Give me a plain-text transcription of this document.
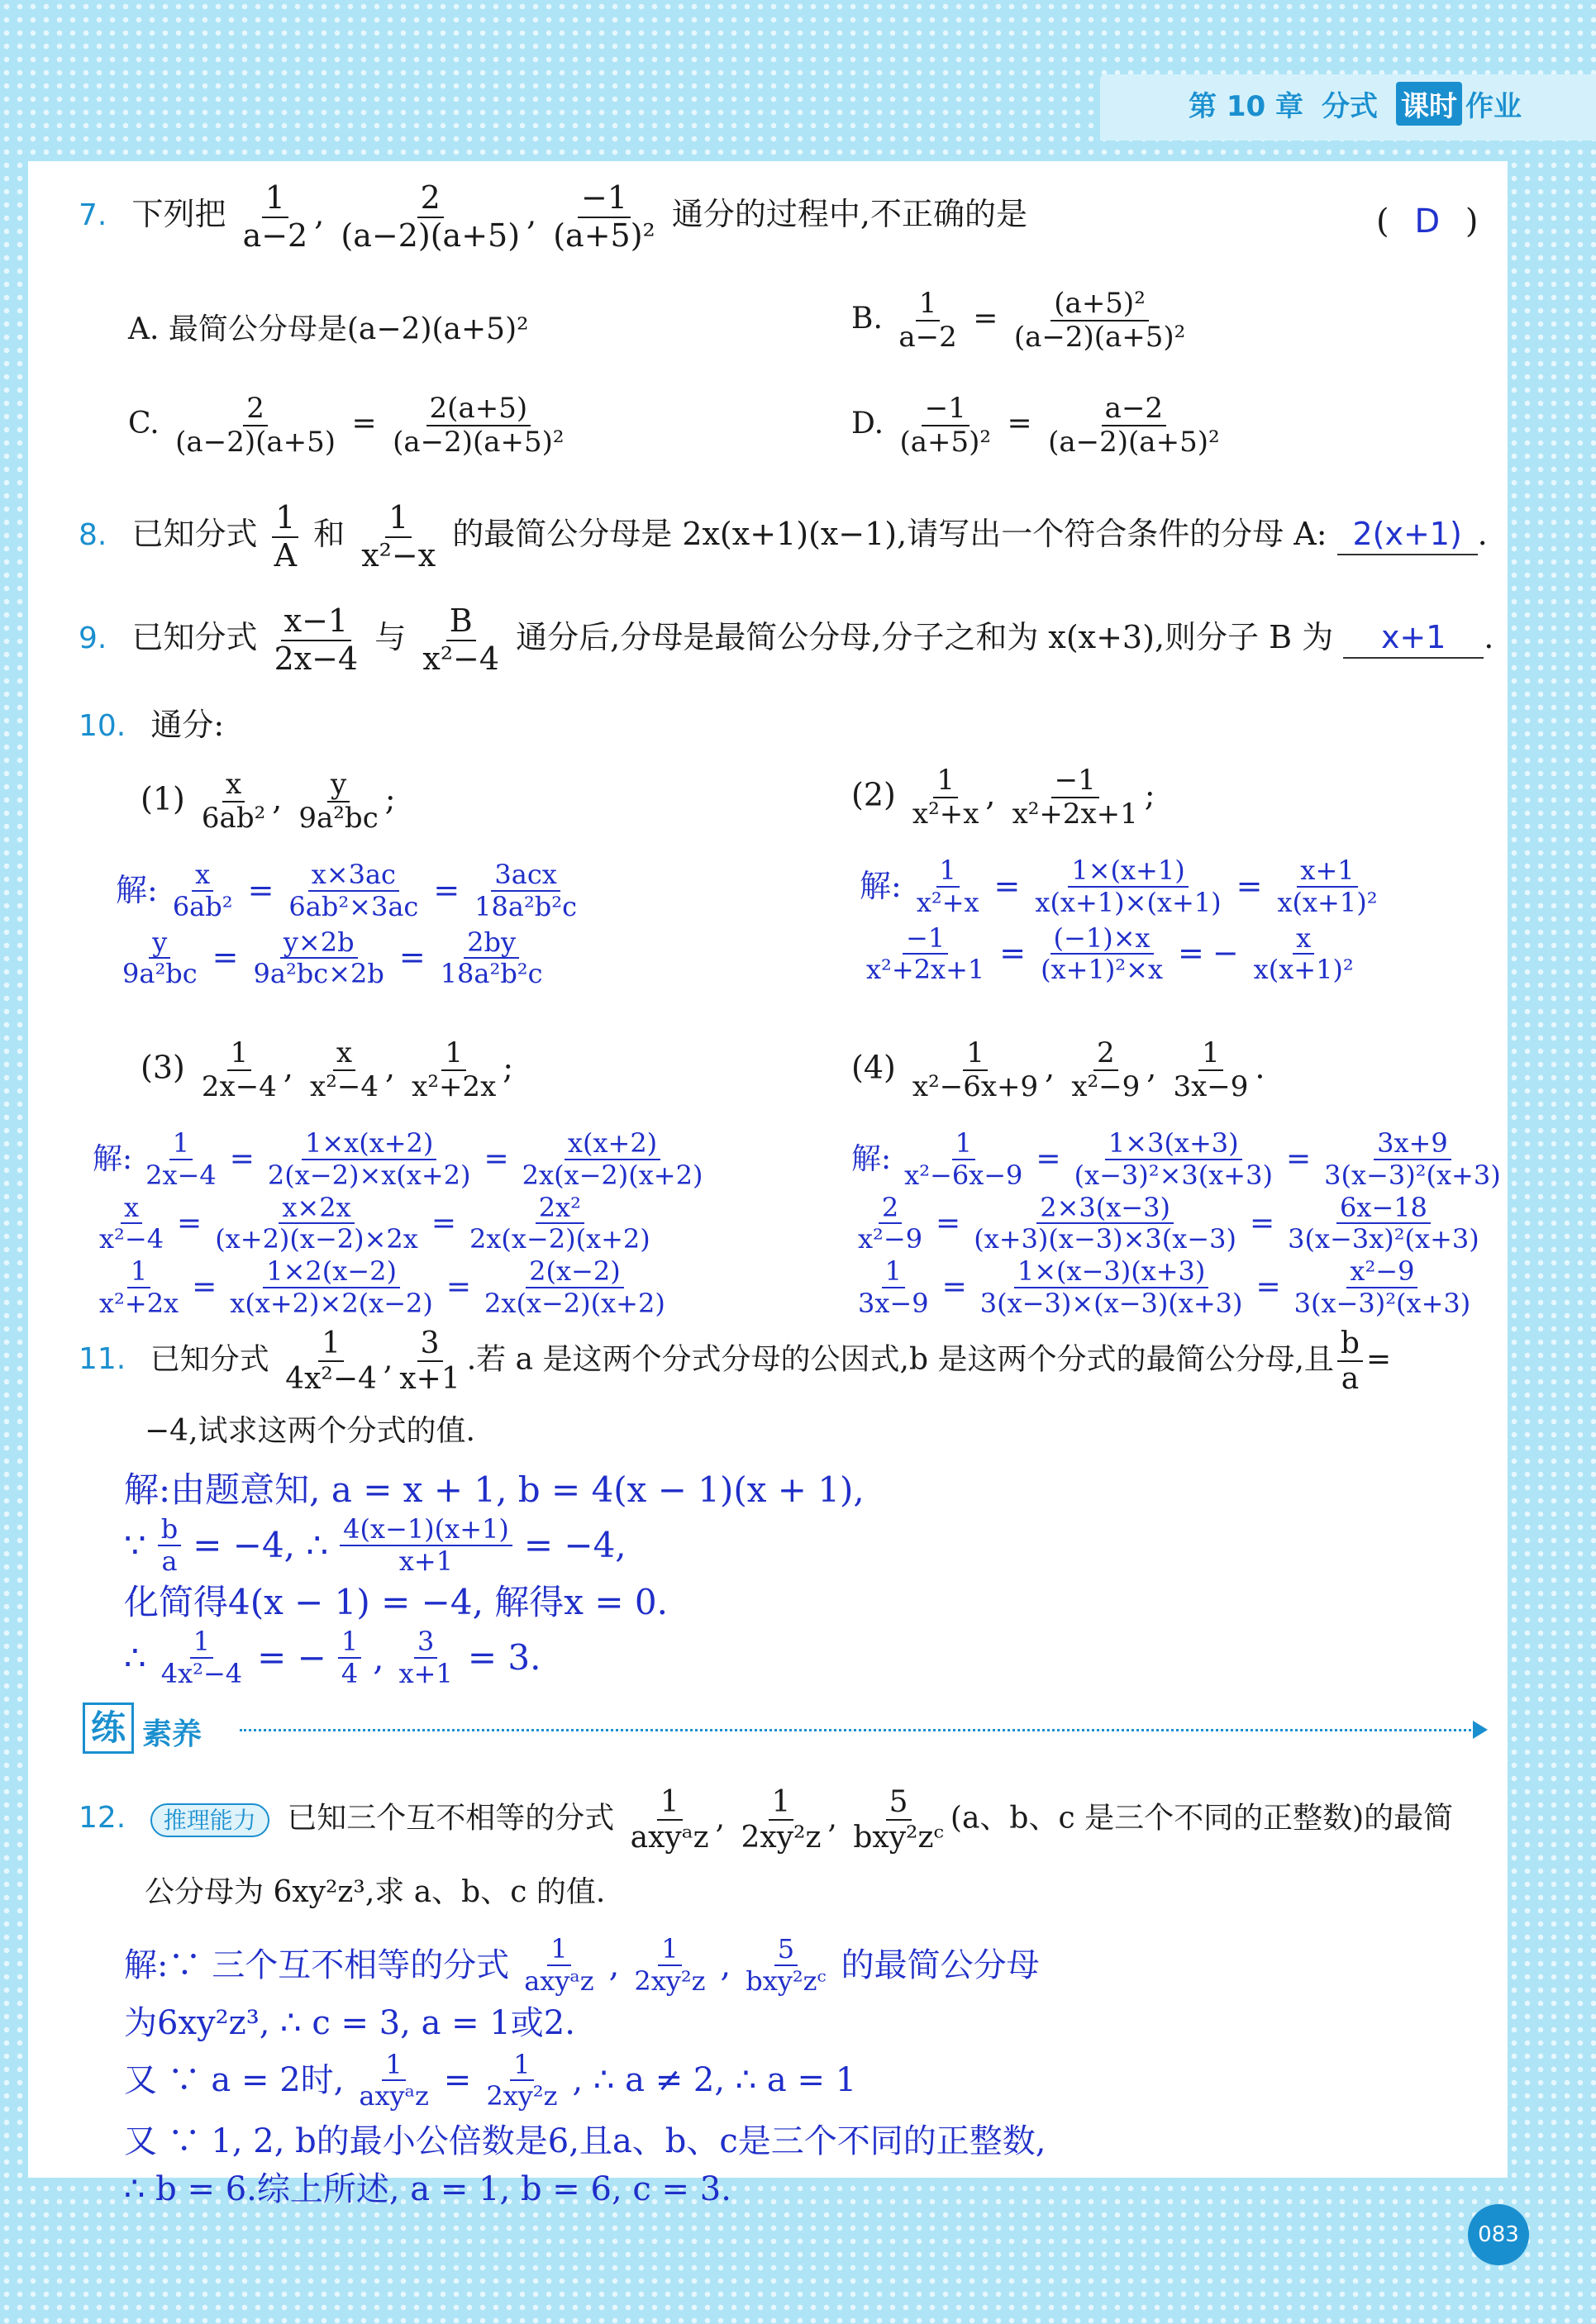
第 10 章 分式 课时 作业
7. 下列把 $\frac{1}{a-2}$ , $\frac{2}{(a-2)(a+5)}$ , $\frac{-1}{\text{(a+5)²}}$ 通分的过程中,不正确的是	( D )
A. 最简公分母是(a−2)(a+5)²	B. $\frac{1}{a-2} = \frac{\text{(a+5)²}}{\text{(a−2)(a+5)²}}$
C. $\frac{2}{(a-2)(a+5)} = \frac{2(a+5)}{\text{(a−2)(a+5)²}}$	D. $\frac{-1}{\text{(a+5)²}} = \frac{a-2}{\text{(a−2)(a+5)²}}$
8. 已知分式 $\frac{1}{A}$ 和 $\frac{1}{\text{x²−x}}$ 的最简公分母是 2x(x+1)(x−1),请写出一个符合条件的分母 A: 2(x+1) .
9. 已知分式 $\frac{x-1}{2x-4}$ 与 $\frac{B}{\text{x²−4}}$ 通分后,分母是最简公分母,分子之和为 x(x+3),则分子 B 为 x+1 .
10. 通分:
$(1) \frac{x}{\text{6ab²}}$ , $\frac{y}{\text{9a²bc}}$ ;	$(2) \frac{1}{\text{x²+x}}$ , $\frac{-1}{\text{x²+2x+1}}$ ;
解: $\frac{x}{\text{6ab²}} = \frac{x\times 3ac}{\text{6ab²×3ac}} = \frac{\text{3acx}}{\text{18a²b²c}}$
$\frac{y}{\text{9a²bc}} = \frac{y\times 2b}{\text{9a²bc×2b}} = \frac{2by}{\text{18a²b²c}}$
解: $\frac{1}{\text{x²+x}} = \frac{1\times(x+1)}{x(x+1)\times(x+1)} = \frac{x+1}{\text{x(x+1)²}}$
$\frac{-1}{\text{x²+2x+1}} = \frac{(-1)\times x}{\text{(x+1)²×x}}$ = − $\frac{x}{\text{x(x+1)²}}$
$(3) \frac{1}{2x-4}$ , $\frac{x}{\text{x²−4}}$ , $\frac{1}{\text{x²+2x}}$ ;	$(4) \frac{1}{\text{x²−6x+9}}$ , $\frac{2}{\text{x²−9}}$ , $\frac{1}{3x-9}$ .
解: $\frac{1}{2x-4} = \frac{1\times x(x+2)}{2(x-2)\times x(x+2)} = \frac{x(x+2)}{2x(x-2)(x+2)}$
$\frac{x}{\text{x²−4}} = \frac{x\times 2x}{(x+2)(x-2)\times 2x} = \frac{\text{2x²}}{2x(x-2)(x+2)}$
$\frac{1}{\text{x²+2x}} = \frac{1\times 2(x-2)}{x(x+2)\times 2(x-2)} = \frac{2(x-2)}{2x(x-2)(x+2)}$
解: $\frac{1}{\text{x²−6x−9}} = \frac{1\times 3(x+3)}{\text{(x−3)²×3(x+3)}} = \frac{3x+9}{\text{3(x−3)²(x+3)}}$
$\frac{2}{\text{x²−9}} = \frac{2\times 3(x-3)}{(x+3)(x-3)\times 3(x-3)} = \frac{6x-18}{\text{3(x−3x)²(x+3)}}$
$\frac{1}{3x-9} = \frac{1\times(x-3)(x+3)}{3(x-3)\times(x-3)(x+3)} = \frac{\text{x²−9}}{\text{3(x−3)²(x+3)}}$
11. 已知分式 $\frac{1}{\text{4x²−4}}$ , $\frac{3}{x+1}$ .若 a 是这两个分式分母的公因式,b 是这两个分式的最简公分母,且 $\frac{b}{a}$ =
−4,试求这两个分式的值.
解:由题意知, a = x + 1, b = 4(x − 1)(x + 1),
∵ $\frac{b}{a} = -4$, ∴ $\frac{4(x-1)(x+1)}{x+1} = -4$,
化简得4(x − 1) = −4, 解得x = 0.
∴ $\frac{1}{\text{4x²−4}}$ = − $\frac{1}{4}$ , $\frac{3}{x+1} = 3$.
练 素养
12. 推理能力 已知三个互不相等的分式 $\frac{1}{\text{axyᵃz}}$ , $\frac{1}{\text{2xy²z}}$ , $\frac{5}{\text{bxy²zᶜ}} (a$、b、c 是三个不同的正整数)的最简
公分母为 6xy²z³,求 a、b、c 的值.
解:∵ 三个互不相等的分式 $\frac{1}{\text{axyᵃz}}$ , $\frac{1}{\text{2xy²z}}$ , $\frac{5}{\text{bxy²zᶜ}}$ 的最简公分母
为6xy²z³, ∴ c = 3, a = 1或2.
又 ∵ a = 2时, $\frac{1}{\text{axyᵃz}} = \frac{1}{\text{2xy²z}}$ , ∴ a ≠ 2, ∴ a = 1
又 ∵ 1, 2, b的最小公倍数是6,且a、b、c是三个不同的正整数,
∴ b = 6.综上所述, a = 1, b = 6, c = 3.
083
